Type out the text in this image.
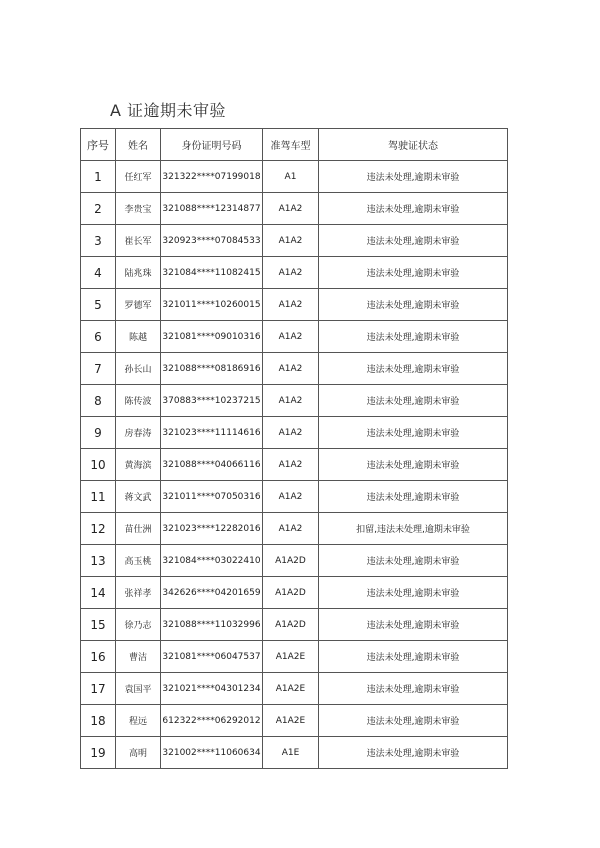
A 证逾期未审验
序号	姓名	身份证明号码	准驾车型	驾驶证状态
1	任红军	321322****07199018	A1	违法未处理,逾期未审验
2	李贵宝	321088****12314877	A1A2	违法未处理,逾期未审验
3	崔长军	320923****07084533	A1A2	违法未处理,逾期未审验
4	陆兆珠	321084****11082415	A1A2	违法未处理,逾期未审验
5	罗德军	321011****10260015	A1A2	违法未处理,逾期未审验
6	陈越	321081****09010316	A1A2	违法未处理,逾期未审验
7	孙长山	321088****08186916	A1A2	违法未处理,逾期未审验
8	陈传波	370883****10237215	A1A2	违法未处理,逾期未审验
9	房春涛	321023****11114616	A1A2	违法未处理,逾期未审验
10	黄海滨	321088****04066116	A1A2	违法未处理,逾期未审验
11	蒋文武	321011****07050316	A1A2	违法未处理,逾期未审验
12	苗仕洲	321023****12282016	A1A2	扣留,违法未处理,逾期未审验
13	高玉桃	321084****03022410	A1A2D	违法未处理,逾期未审验
14	张祥孝	342626****04201659	A1A2D	违法未处理,逾期未审验
15	徐乃志	321088****11032996	A1A2D	违法未处理,逾期未审验
16	曹洁	321081****06047537	A1A2E	违法未处理,逾期未审验
17	袁国平	321021****04301234	A1A2E	违法未处理,逾期未审验
18	程远	612322****06292012	A1A2E	违法未处理,逾期未审验
19	高明	321002****11060634	A1E	违法未处理,逾期未审验
